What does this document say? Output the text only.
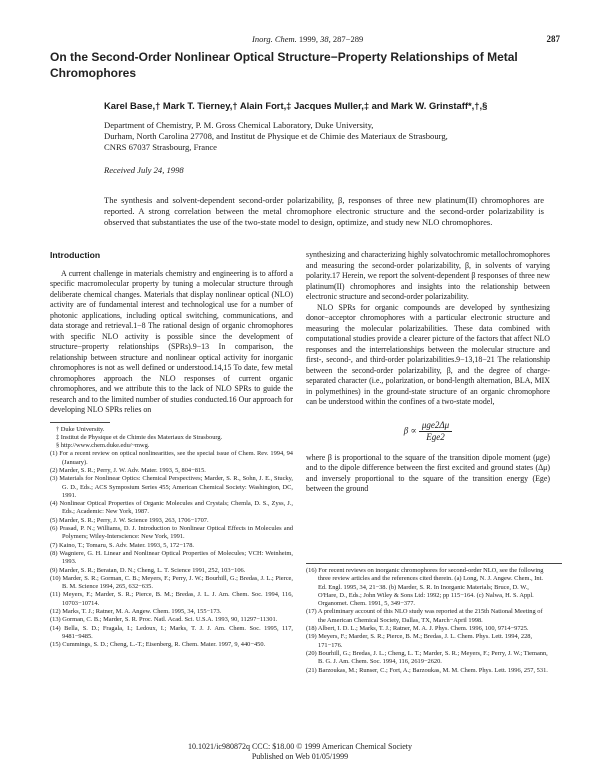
Inorg. Chem. 1999, 38, 287−289	287
On the Second-Order Nonlinear Optical Structure−Property Relationships of Metal Chromophores
Karel Base,† Mark T. Tierney,† Alain Fort,‡ Jacques Muller,‡ and Mark W. Grinstaff*,†,§
Department of Chemistry, P. M. Gross Chemical Laboratory, Duke University,
Durham, North Carolina 27708, and Institut de Physique et de Chimie des Materiaux de Strasbourg,
CNRS 67037 Strasbourg, France
Received July 24, 1998
The synthesis and solvent-dependent second-order polarizability, β, responses of three new platinum(II) chromophores are reported. A strong correlation between the metal chromophore electronic structure and the second-order polarizability is observed that substantiates the use of the two-state model to design, optimize, and study new NLO chromophores.
Introduction

A current challenge in materials chemistry and engineering is to afford a specific macromolecular property by tuning a molecular structure through deliberate chemical changes. Materials that display nonlinear optical (NLO) activity are of fundamental interest and technological use for a number of photonic applications, including optical switching, communications, and data storage and retrieval.1−8 The rational design of organic chromophores with specific NLO activity is possible since the development of structure−property relationships (SPRs).9−13 In comparison, the relationship between structure and nonlinear optical activity for inorganic chromophores is not as well defined or understood.14,15 To date, few metal chromophores approach the NLO responses of current organic chromophores, and we attribute this to the lack of NLO SPRs to guide the research and to the limited number of studies conducted.16 Our approach for developing NLO SPRs relies on

† Duke University.
‡ Institut de Physique et de Chimie des Materiaux de Strasbourg.
§ http://www.chem.duke.edu/~mwg.
(1) For a recent review on optical nonlinearities, see the special issue of Chem. Rev. 1994, 94 (January).
(2) Marder, S. R.; Perry, J. W. Adv. Mater. 1993, 5, 804−815.
(3) Materials for Nonlinear Optics: Chemical Perspectives; Marder, S. R., Sohn, J. E., Stucky, G. D., Eds.; ACS Symposium Series 455; American Chemical Society: Washington, DC, 1991.
(4) Nonlinear Optical Properties of Organic Molecules and Crystals; Chemla, D. S., Zyss, J., Eds.; Academic: New York, 1987.
(5) Marder, S. R.; Perry, J. W. Science 1993, 263, 1706−1707.
(6) Prasad, P. N.; Williams, D. J. Introduction to Nonlinear Optical Effects in Molecules and Polymers; Wiley-Interscience: New York, 1991.
(7) Kaino, T.; Tomaru, S. Adv. Mater. 1993, 5, 172−178.
(8) Wagniere, G. H. Linear and Nonlinear Optical Properties of Molecules; VCH: Weinheim, 1993.
(9) Marder, S. R.; Beratan, D. N.; Cheng, L. T. Science 1991, 252, 103−106.
(10) Marder, S. R.; Gorman, C. B.; Meyers, F.; Perry, J. W.; Bourhill, G.; Bredas, J. L.; Pierce, B. M. Science 1994, 265, 632−635.
(11) Meyers, F.; Marder, S. R.; Pierce, B. M.; Bredas, J. L. J. Am. Chem. Soc. 1994, 116, 10703−10714.
(12) Marks, T. J.; Ratner, M. A. Angew. Chem. 1995, 34, 155−173.
(13) Gorman, C. B.; Marder, S. R. Proc. Natl. Acad. Sci. U.S.A. 1993, 90, 11297−11301.
(14) Bella, S. D.; Fragala, I.; Ledoux, I.; Marks, T. J. J. Am. Chem. Soc. 1995, 117, 9481−9485.
(15) Cummings, S. D.; Cheng, L.-T.; Eisenberg, R. Chem. Mater. 1997, 9, 440−450.

synthesizing and characterizing highly solvatochromic metallochromophores and measuring the second-order polarizability, β, in solvents of varying polarity.17 Herein, we report the solvent-dependent β responses of three new platinum(II) chromophores and insights into the relationship between electronic structure and second-order polarizability.

NLO SPRs for organic compounds are developed by synthesizing donor−acceptor chromophores with a particular electronic structure and measuring the molecular polarizabilities. These data combined with computational studies provide a clearer picture of the factors that affect NLO responses and the interrelationships between the molecular structure and first-, second-, and third-order polarizabilities.9−13,18−21 The relationship between the second-order polarizability, β, and the degree of charge-separated character (i.e., polarization, or bond-length alternation, BLA, MIX in polymethines) in the ground-state structure of an organic chromophore can be understood within the confines of a two-state model,

$\beta \propto \frac{\text{μge2Δμ}}{\text{Ege2}}$

where β is proportional to the square of the transition dipole moment (μge) and to the dipole difference between the first excited and ground states (Δμ) and inversely proportional to the square of the transition energy (Ege) between the ground

(16) For recent reviews on inorganic chromophores for second-order NLO, see the following three review articles and the references cited therein. (a) Long, N. J. Angew. Chem., Int. Ed. Engl. 1995, 34, 21−38. (b) Marder, S. R. In Inorganic Materials; Bruce, D. W., O'Hare, D., Eds.; John Wiley & Sons Ltd: 1992; pp 115−164. (c) Nalwa, H. S. Appl. Organomet. Chem. 1991, 5, 349−377.
(17) A preliminary account of this NLO study was reported at the 215th National Meeting of the American Chemical Society, Dallas, TX, March−April 1998.
(18) Albert, I. D. L.; Marks, T. J.; Ratner, M. A. J. Phys. Chem. 1996, 100, 9714−9725.
(19) Meyers, F.; Marder, S. R.; Pierce, B. M.; Bredas, J. L. Chem. Phys. Lett. 1994, 228, 171−176.
(20) Bourhill, G.; Bredas, J. L.; Cheng, L. T.; Marder, S. R.; Meyers, F.; Perry, J. W.; Tiemann, B. G. J. Am. Chem. Soc. 1994, 116, 2619−2620.
(21) Barzoukas, M.; Runser, C.; Fort, A.; Barzoukas, M. M. Chem. Phys. Lett. 1996, 257, 531.
10.1021/ic980872q CCC: $18.00 © 1999 American Chemical Society
Published on Web 01/05/1999
